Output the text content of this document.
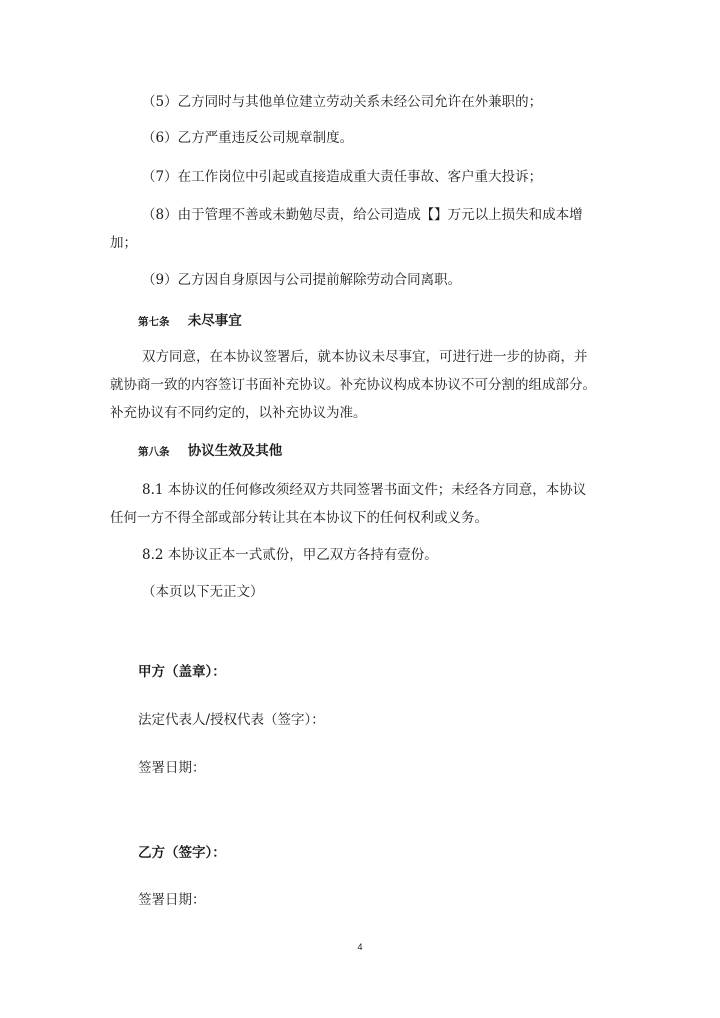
（5）乙方同时与其他单位建立劳动关系未经公司允许在外兼职的；
（6）乙方严重违反公司规章制度。
（7）在工作岗位中引起或直接造成重大责任事故、客户重大投诉；
（8）由于管理不善或未勤勉尽责，给公司造成【】万元以上损失和成本增
加；
（9）乙方因自身原因与公司提前解除劳动合同离职。
第七条 未尽事宜
双方同意，在本协议签署后，就本协议未尽事宜，可进行进一步的协商，并
就协商一致的内容签订书面补充协议。补充协议构成本协议不可分割的组成部分。
补充协议有不同约定的，以补充协议为准。
第八条 协议生效及其他
8.1 本协议的任何修改须经双方共同签署书面文件；未经各方同意，本协议
任何一方不得全部或部分转让其在本协议下的任何权利或义务。
8.2 本协议正本一式贰份，甲乙双方各持有壹份。
（本页以下无正文）
甲方（盖章）：
法定代表人/授权代表（签字）：
签署日期：
乙方（签字）：
签署日期：
4
